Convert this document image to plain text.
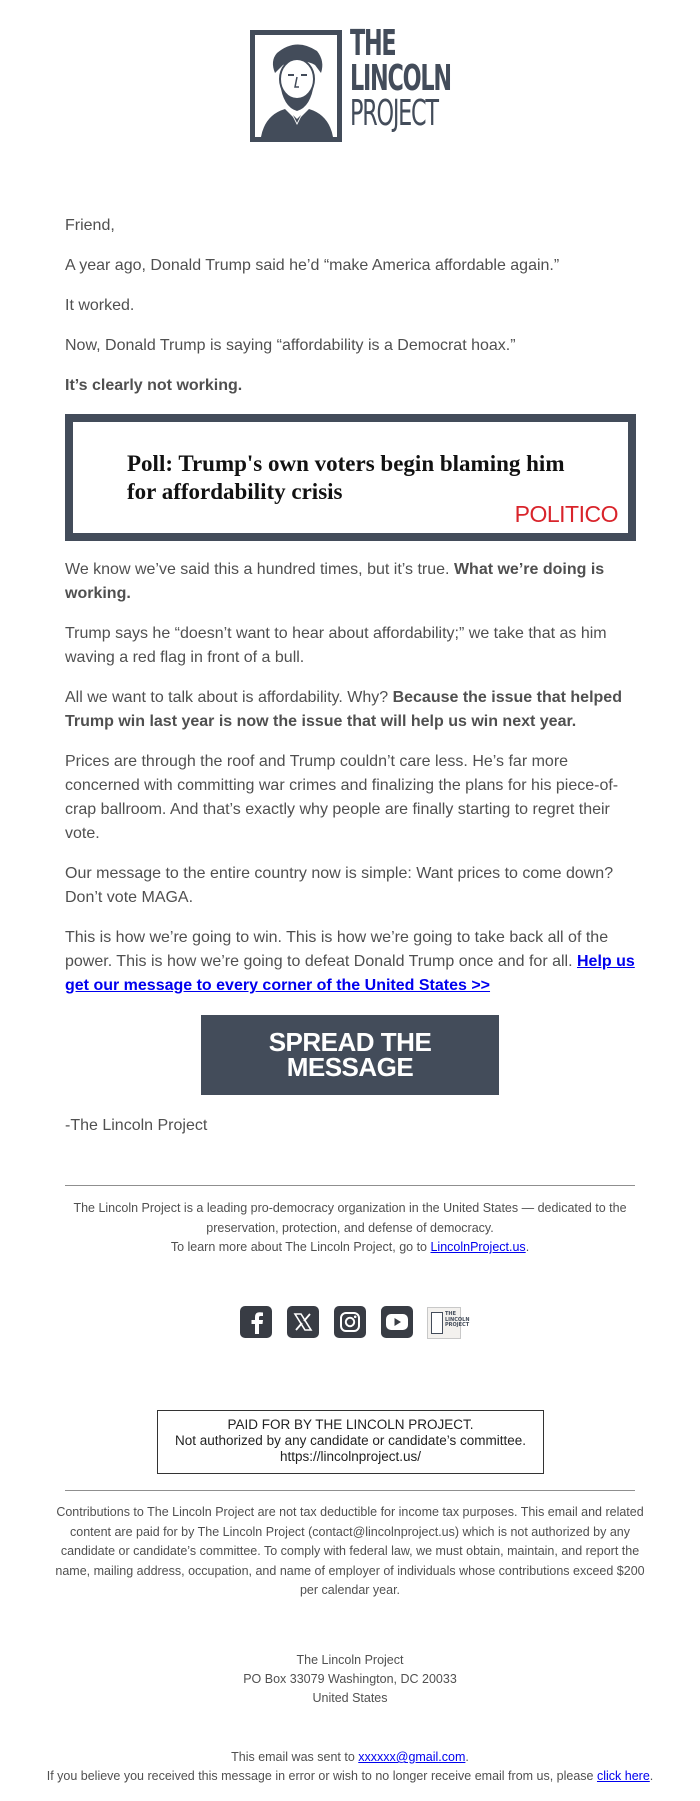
THE
LINCOLN
PROJECT
Friend,
A year ago, Donald Trump said he’d “make America affordable again.”
It worked.
Now, Donald Trump is saying “affordability is a Democrat hoax.”
It’s clearly not working.
Poll: Trump's own voters begin blaming him for affordability crisis
POLITICO
We know we’ve said this a hundred times, but it’s true. What we’re doing is working.
Trump says he “doesn’t want to hear about affordability;” we take that as him waving a red flag in front of a bull.
All we want to talk about is affordability. Why? Because the issue that helped Trump win last year is now the issue that will help us win next year.
Prices are through the roof and Trump couldn’t care less. He’s far more concerned with committing war crimes and finalizing the plans for his piece-of-crap ballroom. And that’s exactly why people are finally starting to regret their vote.
Our message to the entire country now is simple: Want prices to come down? Don’t vote MAGA.
This is how we’re going to win. This is how we’re going to take back all of the power. This is how we’re going to defeat Donald Trump once and for all. Help us get our message to every corner of the United States >>
SPREAD THE
MESSAGE
-The Lincoln Project
The Lincoln Project is a leading pro-democracy organization in the United States — dedicated to the preservation, protection, and defense of democracy.
To learn more about The Lincoln Project, go to LincolnProject.us.
THE
LINCOLN
PROJECT
PAID FOR BY THE LINCOLN PROJECT.
Not authorized by any candidate or candidate’s committee.
https://lincolnproject.us/
Contributions to The Lincoln Project are not tax deductible for income tax purposes. This email and related content are paid for by The Lincoln Project (contact@lincolnproject.us) which is not authorized by any candidate or candidate’s committee. To comply with federal law, we must obtain, maintain, and report the name, mailing address, occupation, and name of employer of individuals whose contributions exceed $200 per calendar year.
The Lincoln Project
PO Box 33079 Washington, DC 20033
United States
This email was sent to xxxxxx@gmail.com.
If you believe you received this message in error or wish to no longer receive email from us, please click here.
